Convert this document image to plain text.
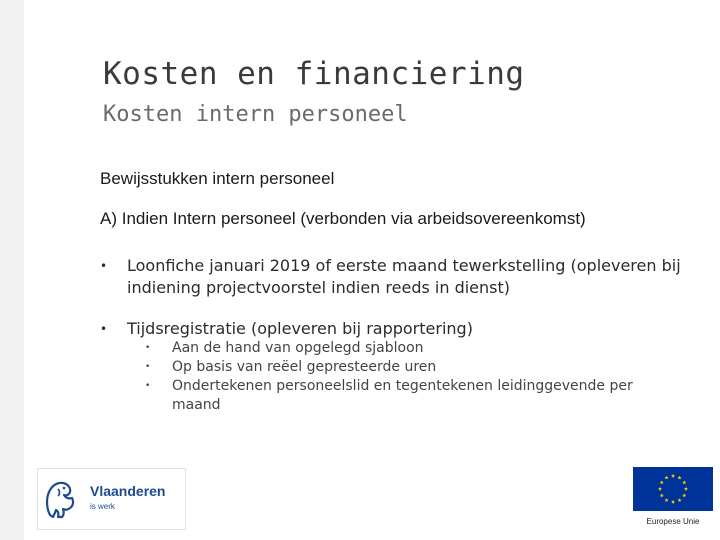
Kosten en financiering
Kosten intern personeel
Bewijsstukken intern personeel
A) Indien Intern personeel (verbonden via arbeidsovereenkomst)
• Loonfiche januari 2019 of eerste maand tewerkstelling (opleveren bij indiening projectvoorstel indien reeds in dienst)
• Tijdsregistratie (opleveren bij rapportering)
• Aan de hand van opgelegd sjabloon
• Op basis van reëel gepresteerde uren
• Ondertekenen personeelslid en tegentekenen leidinggevende per maand
Vlaanderen
is werk
Europese Unie
